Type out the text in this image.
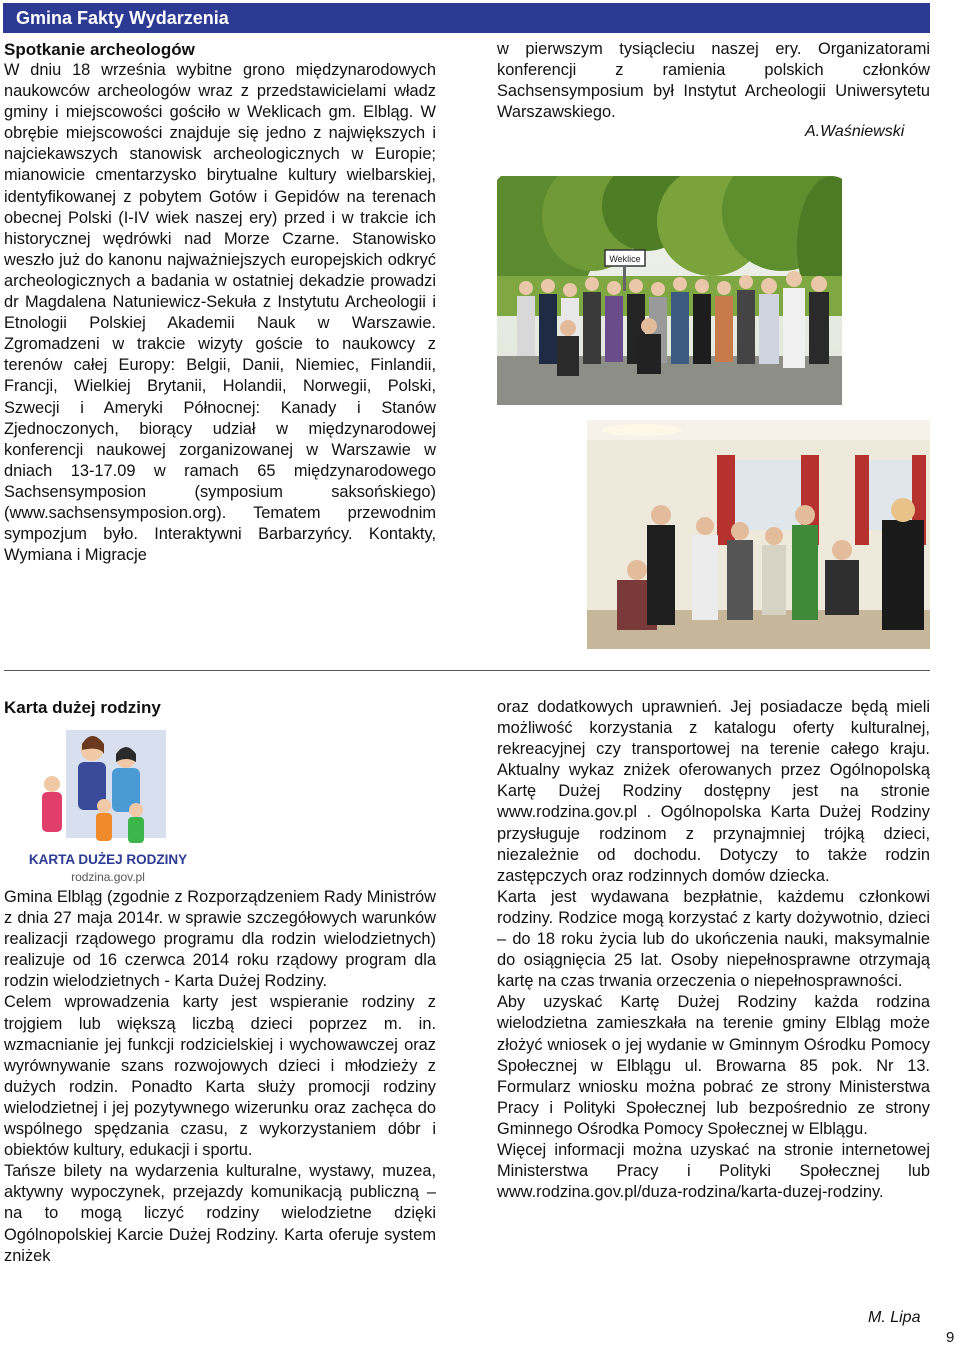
Gmina Fakty Wydarzenia
Spotkanie archeologów

W dniu 18 września wybitne grono międzynarodowych naukowców archeologów wraz z przedstawicielami władz gminy i miejscowości gościło w Weklicach gm. Elbląg. W obrębie miejscowości znajduje się jedno z największych i najciekawszych stanowisk archeologicznych w Europie; mianowicie cmentarzysko birytualne kultury wielbarskiej, identyfikowanej z pobytem Gotów i Gepidów na terenach obecnej Polski (I-IV wiek naszej ery) przed i w trakcie ich historycznej wędrówki nad Morze Czarne. Stanowisko weszło już do kanonu najważniejszych europejskich odkryć archeologicznych a badania w ostatniej dekadzie prowadzi dr Magdalena Natuniewicz-Sekuła z Instytutu Archeologii i Etnologii Polskiej Akademii Nauk w Warszawie. Zgromadzeni w trakcie wizyty goście to naukowcy z terenów całej Europy: Belgii, Danii, Niemiec, Finlandii, Francji, Wielkiej Brytanii, Holandii, Norwegii, Polski, Szwecji i Ameryki Północnej: Kanady i Stanów Zjednoczonych, biorący udział w międzynarodowej konferencji naukowej zorganizowanej w Warszawie w dniach 13-17.09 w ramach 65 międzynarodowego Sachsensymposion (symposium saksońskiego) (www.sachsensymposion.org). Tematem przewodnim sympozjum było. Interaktywni Barbarzyńcy. Kontakty, Wymiana i Migracje

w pierwszym tysiącleciu naszej ery. Organizatorami konferencji z ramienia polskich członków Sachsensymposium był Instytut Archeologii Uniwersytetu Warszawskiego.

A.Waśniewski
Weklice
KARTA DUŻEJ RODZINY
rodzina.gov.pl
Karta dużej rodziny

Gmina Elbląg (zgodnie z Rozporządzeniem Rady Ministrów z dnia 27 maja 2014r. w sprawie szczegółowych warunków realizacji rządowego programu dla rodzin wielodzietnych) realizuje od 16 czerwca 2014 roku rządowy program dla rodzin wielodzietnych - Karta Dużej Rodziny.

Celem wprowadzenia karty jest wspieranie rodziny z trojgiem lub większą liczbą dzieci poprzez m. in. wzmacnianie jej funkcji rodzicielskiej i wychowawczej oraz wyrównywanie szans rozwojowych dzieci i młodzieży z dużych rodzin. Ponadto Karta służy promocji rodziny wielodzietnej i jej pozytywnego wizerunku oraz zachęca do wspólnego spędzania czasu, z wykorzystaniem dóbr i obiektów kultury, edukacji i sportu.

Tańsze bilety na wydarzenia kulturalne, wystawy, muzea, aktywny wypoczynek, przejazdy komunikacją publiczną – na to mogą liczyć rodziny wielodzietne dzięki Ogólnopolskiej Karcie Dużej Rodziny. Karta oferuje system zniżek

oraz dodatkowych uprawnień. Jej posiadacze będą mieli możliwość korzystania z katalogu oferty kulturalnej, rekreacyjnej czy transportowej na terenie całego kraju. Aktualny wykaz zniżek oferowanych przez Ogólnopolską Kartę Dużej Rodziny dostępny jest na stronie www.rodzina.gov.pl . Ogólnopolska Karta Dużej Rodziny przysługuje rodzinom z przynajmniej trójką dzieci, niezależnie od dochodu. Dotyczy to także rodzin zastępczych oraz rodzinnych domów dziecka.

Karta jest wydawana bezpłatnie, każdemu członkowi rodziny. Rodzice mogą korzystać z karty dożywotnio, dzieci – do 18 roku życia lub do ukończenia nauki, maksymalnie do osiągnięcia 25 lat. Osoby niepełnosprawne otrzymają kartę na czas trwania orzeczenia o niepełnosprawności.

Aby uzyskać Kartę Dużej Rodziny każda rodzina wielodzietna zamieszkała na terenie gminy Elbląg może złożyć wniosek o jej wydanie w Gminnym Ośrodku Pomocy Społecznej w Elblągu ul. Browarna 85 pok. Nr 13. Formularz wniosku można pobrać ze strony Ministerstwa Pracy i Polityki Społecznej lub bezpośrednio ze strony Gminnego Ośrodka Pomocy Społecznej w Elblągu.

Więcej informacji można uzyskać na stronie internetowej Ministerstwa Pracy i Polityki Społecznej lub www.rodzina.gov.pl/duza-rodzina/karta-duzej-rodziny.

M. Lipa
9
